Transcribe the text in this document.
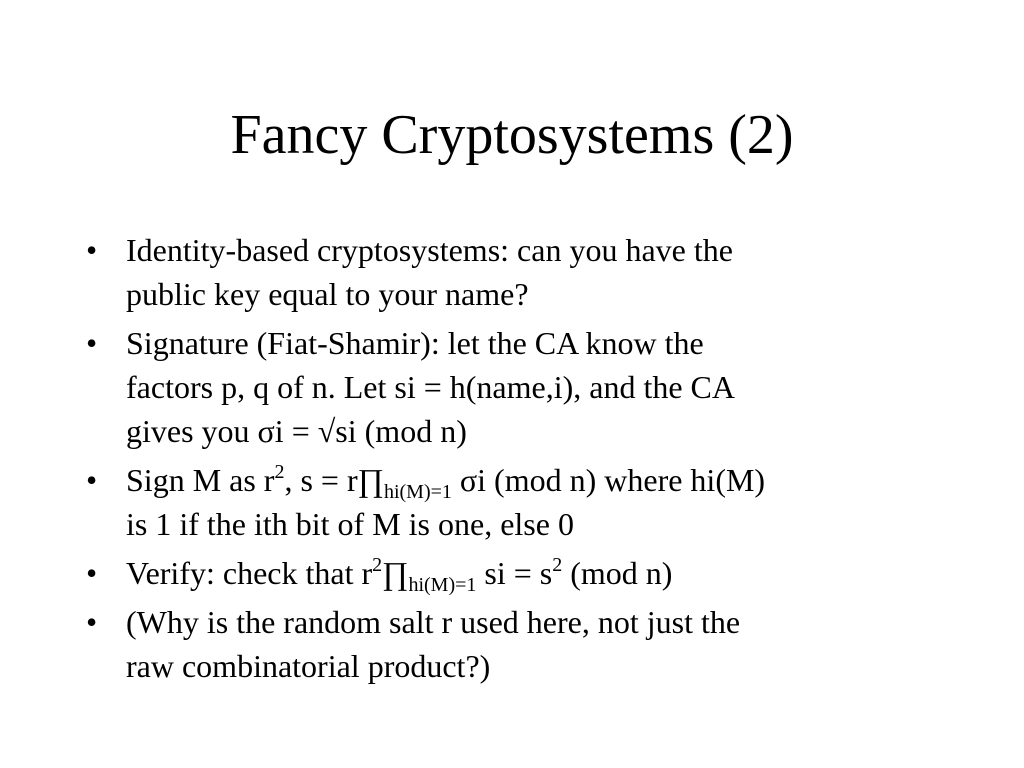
Fancy Cryptosystems (2)
• Identity-based cryptosystems: can you have the
public key equal to your name?
• Signature (Fiat-Shamir): let the CA know the
factors p, q of n. Let si = h(name,i), and the CA
gives you σi = √si (mod n)
• Sign M as $r^2$, $s = r\prod_{hi(M)=1}$ σi (mod n) where hi(M)
is 1 if the ith bit of M is one, else 0
• Verify: check that $r^2\prod_{hi(M)=1}$ si = $s^2$ (mod n)
• (Why is the random salt r used here, not just the
raw combinatorial product?)
